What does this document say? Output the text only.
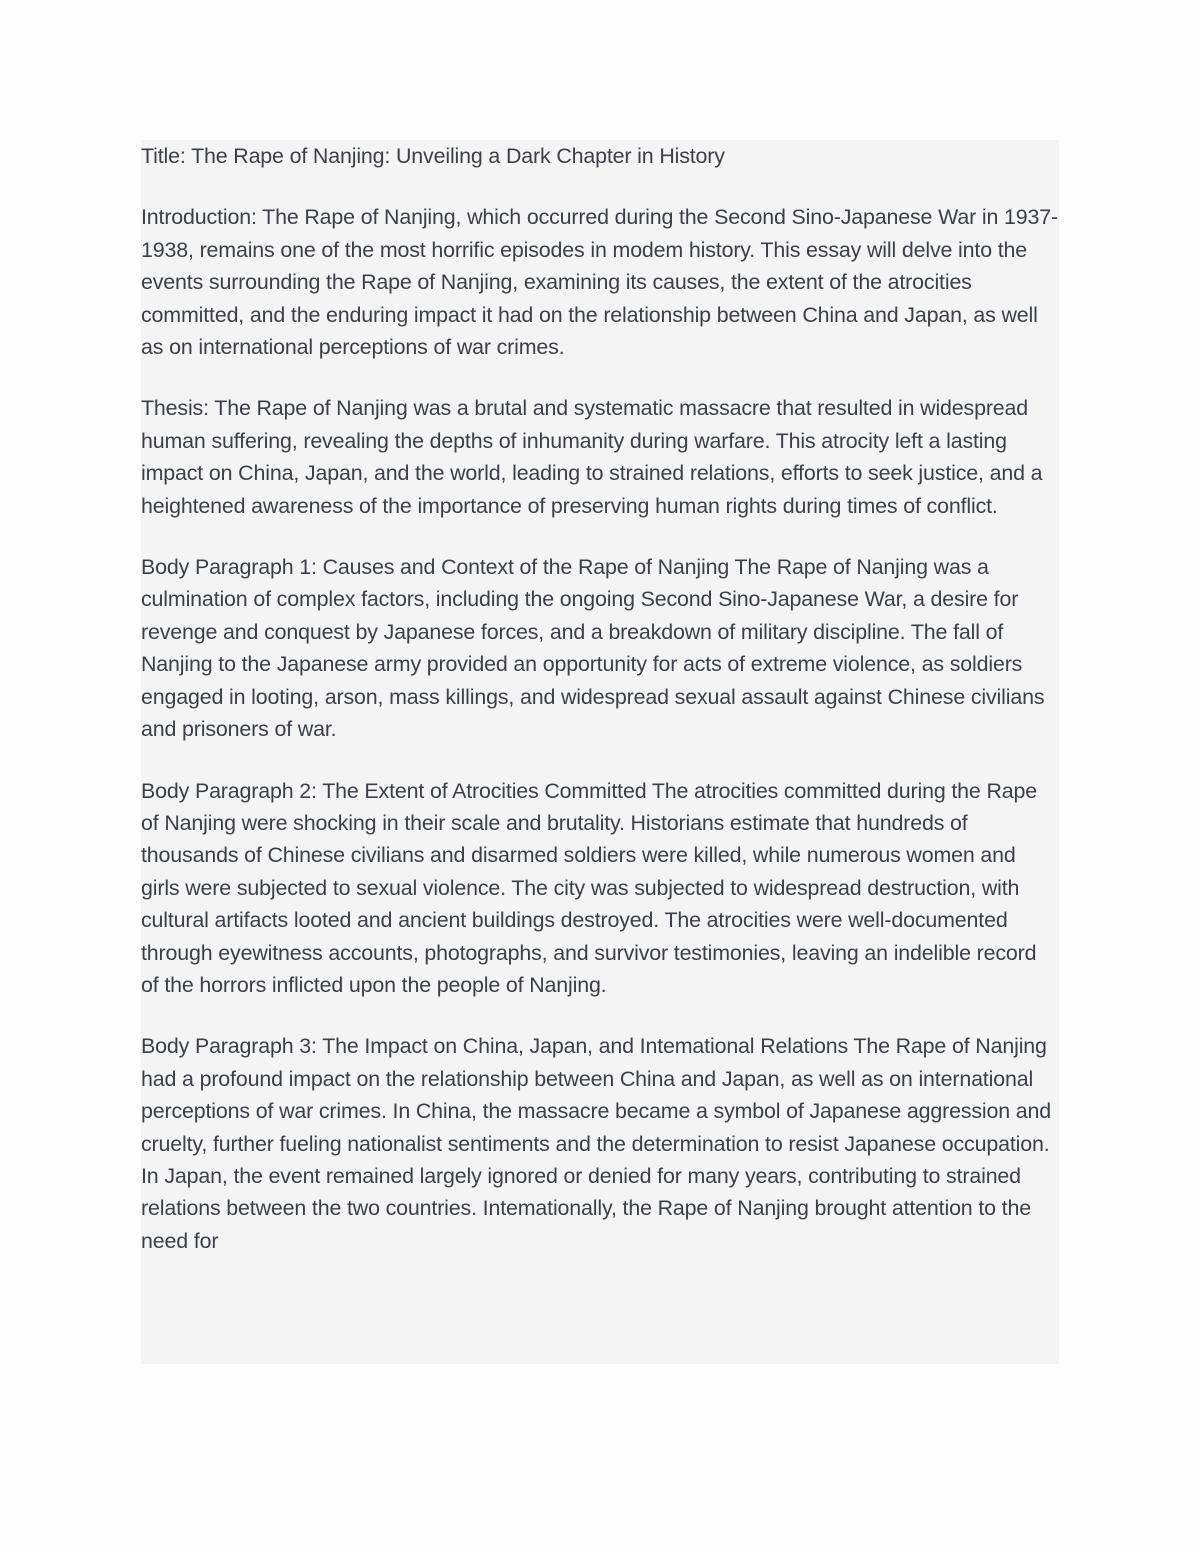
Title: The Rape of Nanjing: Unveiling a Dark Chapter in History

Introduction: The Rape of Nanjing, which occurred during the Second Sino-Japanese War in 1937-1938, remains one of the most horrific episodes in modem history. This essay will delve into the events surrounding the Rape of Nanjing, examining its causes, the extent of the atrocities committed, and the enduring impact it had on the relationship between China and Japan, as well as on international perceptions of war crimes.

Thesis: The Rape of Nanjing was a brutal and systematic massacre that resulted in widespread human suffering, revealing the depths of inhumanity during warfare. This atrocity left a lasting impact on China, Japan, and the world, leading to strained relations, efforts to seek justice, and a heightened awareness of the importance of preserving human rights during times of conflict.

Body Paragraph 1: Causes and Context of the Rape of Nanjing The Rape of Nanjing was a culmination of complex factors, including the ongoing Second Sino-Japanese War, a desire for revenge and conquest by Japanese forces, and a breakdown of military discipline. The fall of Nanjing to the Japanese army provided an opportunity for acts of extreme violence, as soldiers engaged in looting, arson, mass killings, and widespread sexual assault against Chinese civilians and prisoners of war.

Body Paragraph 2: The Extent of Atrocities Committed The atrocities committed during the Rape of Nanjing were shocking in their scale and brutality. Historians estimate that hundreds of thousands of Chinese civilians and disarmed soldiers were killed, while numerous women and girls were subjected to sexual violence. The city was subjected to widespread destruction, with cultural artifacts looted and ancient buildings destroyed. The atrocities were well-documented through eyewitness accounts, photographs, and survivor testimonies, leaving an indelible record of the horrors inflicted upon the people of Nanjing.

Body Paragraph 3: The Impact on China, Japan, and Intemational Relations The Rape of Nanjing had a profound impact on the relationship between China and Japan, as well as on international perceptions of war crimes. In China, the massacre became a symbol of Japanese aggression and cruelty, further fueling nationalist sentiments and the determination to resist Japanese occupation. In Japan, the event remained largely ignored or denied for many years, contributing to strained relations between the two countries. Intemationally, the Rape of Nanjing brought attention to the need for
